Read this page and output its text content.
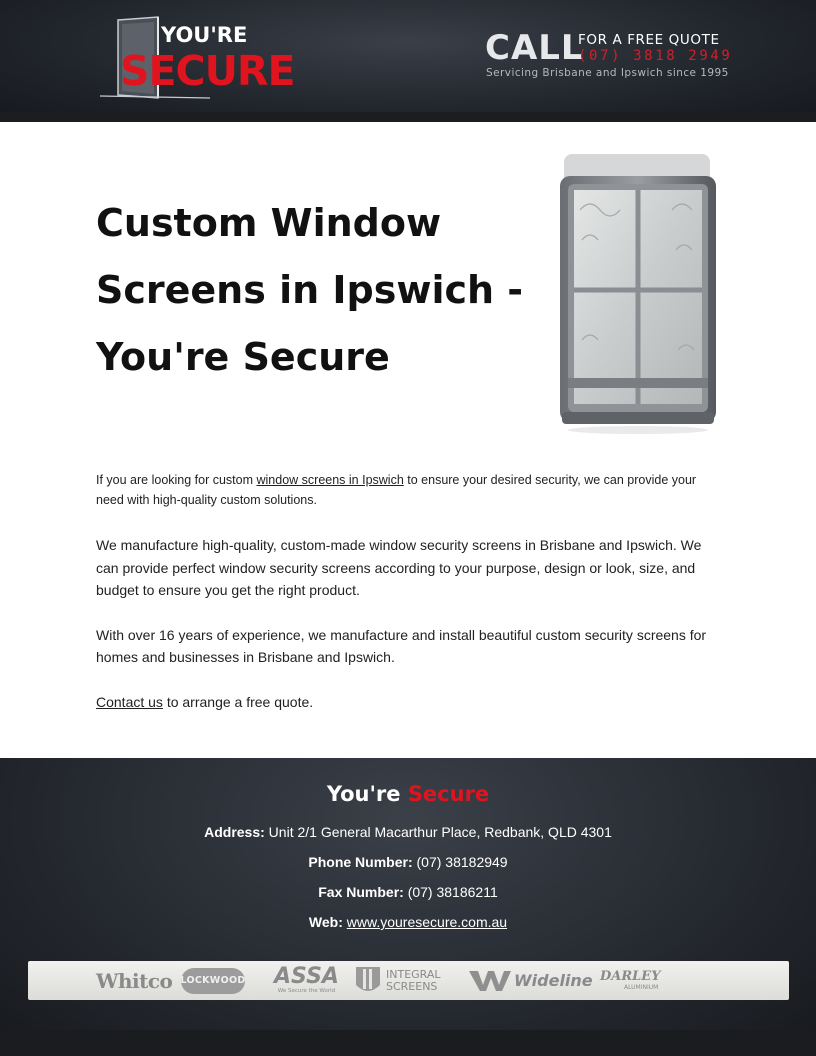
YOU'RE
SECURE	CALL
FOR A FREE QUOTE
(07) 3818 2949
Servicing Brisbane and Ipswich since 1995
Custom Window
Screens in Ipswich -
You're Secure

If you are looking for custom window screens in Ipswich to ensure your desired security, we can provide your need with high-quality custom solutions.

We manufacture high-quality, custom-made window security screens in Brisbane and Ipswich. We can provide perfect window security screens according to your purpose, design or look, size, and budget to ensure you get the right product.

With over 16 years of experience, we manufacture and install beautiful custom security screens for homes and businesses in Brisbane and Ipswich.

Contact us to arrange a free quote.

You're Secure
Address: Unit 2/1 General Macarthur Place, Redbank, QLD 4301
Phone Number: (07) 38182949
Fax Number: (07) 38186211
Web: www.youresecure.com.au
Whitco LOCKWOOD ASSA
We Secure the World
INTEGRAL
SCREENS	Wideline DARLEY
ALUMINIUM
